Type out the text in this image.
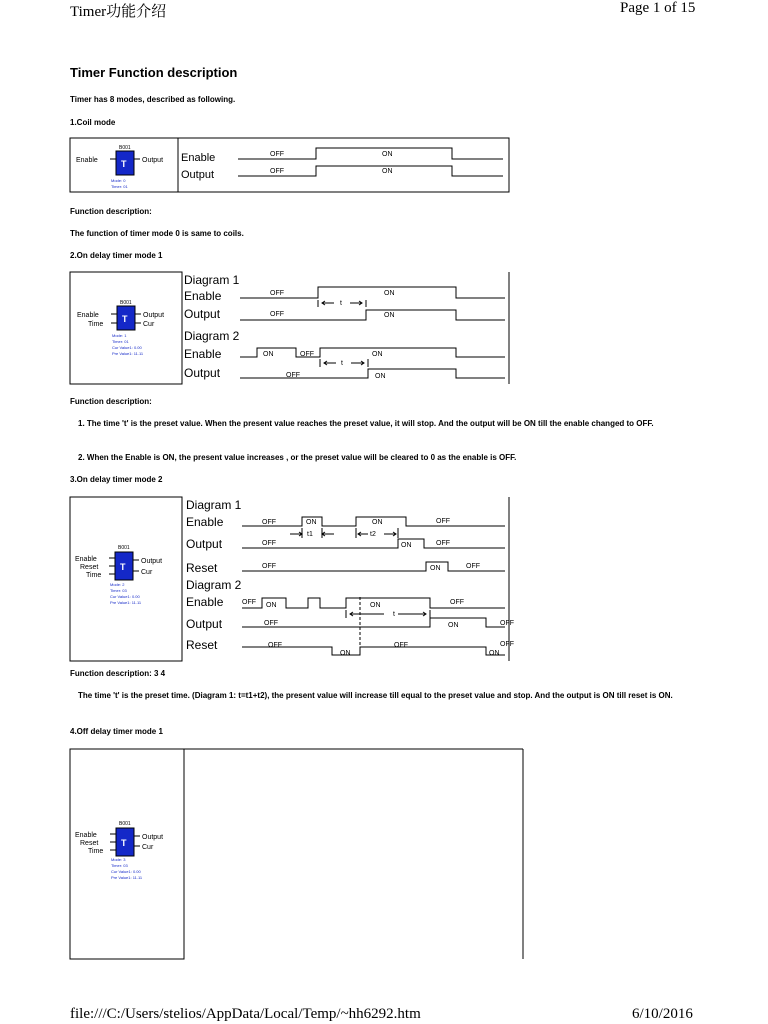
Timer功能介绍	Page 1 of 15
Timer Function description
Timer has 8 modes, described as following.
1.Coil mode
B001
T
Enable	Output
Mode: 0
Timer: 01
Enable
Output
OFF	ON
OFF	ON
Function description:
The function of timer mode 0 is same to coils.
2.On delay timer mode 1
B001
T
Enable
Time
Output
Cur
Mode: 1
Timer: 01
Cur Value1: 0.00
Pre Value1: 11.11
Diagram 1
Enable
Output
Diagram 2
Enable
Output
OFF	ON
OFF	ON
t
ON	OFF	ON
OFF	ON
t
Function description:
1. The time 't' is the preset value. When the present value reaches the preset value, it will stop. And the output will be ON till the enable changed to OFF.
2. When the Enable is ON, the present value increases , or the preset value will be cleared to 0 as the enable is OFF.
3.On delay timer mode 2
B001
T
Enable
Reset
Time
Output
Cur
Mode: 2
Timer: 03
Cur Value1: 0.00
Pre Value1: 11.11
Diagram 1
Enable
Output
Reset
Diagram 2
Enable
Output
Reset
OFF	ON	ON	OFF
t1	t2
OFF	ON	OFF
OFF	ON	OFF
OFF ON	ON	OFF
t
OFF	ON	OFF
OFF
ON
OFF
ON
OFF
Function description: 3 4
The time 't' is the preset time. (Diagram 1: t=t1+t2), the present value will increase till equal to the preset value and stop. And the output is ON till reset is ON.
4.Off delay timer mode 1
B001
T
Enable
Reset
Time
Output
Cur
Mode: 3
Timer: 03
Cur Value1: 0.00
Pre Value1: 11.11
file:///C:/Users/stelios/AppData/Local/Temp/~hh6292.htm	6/10/2016
